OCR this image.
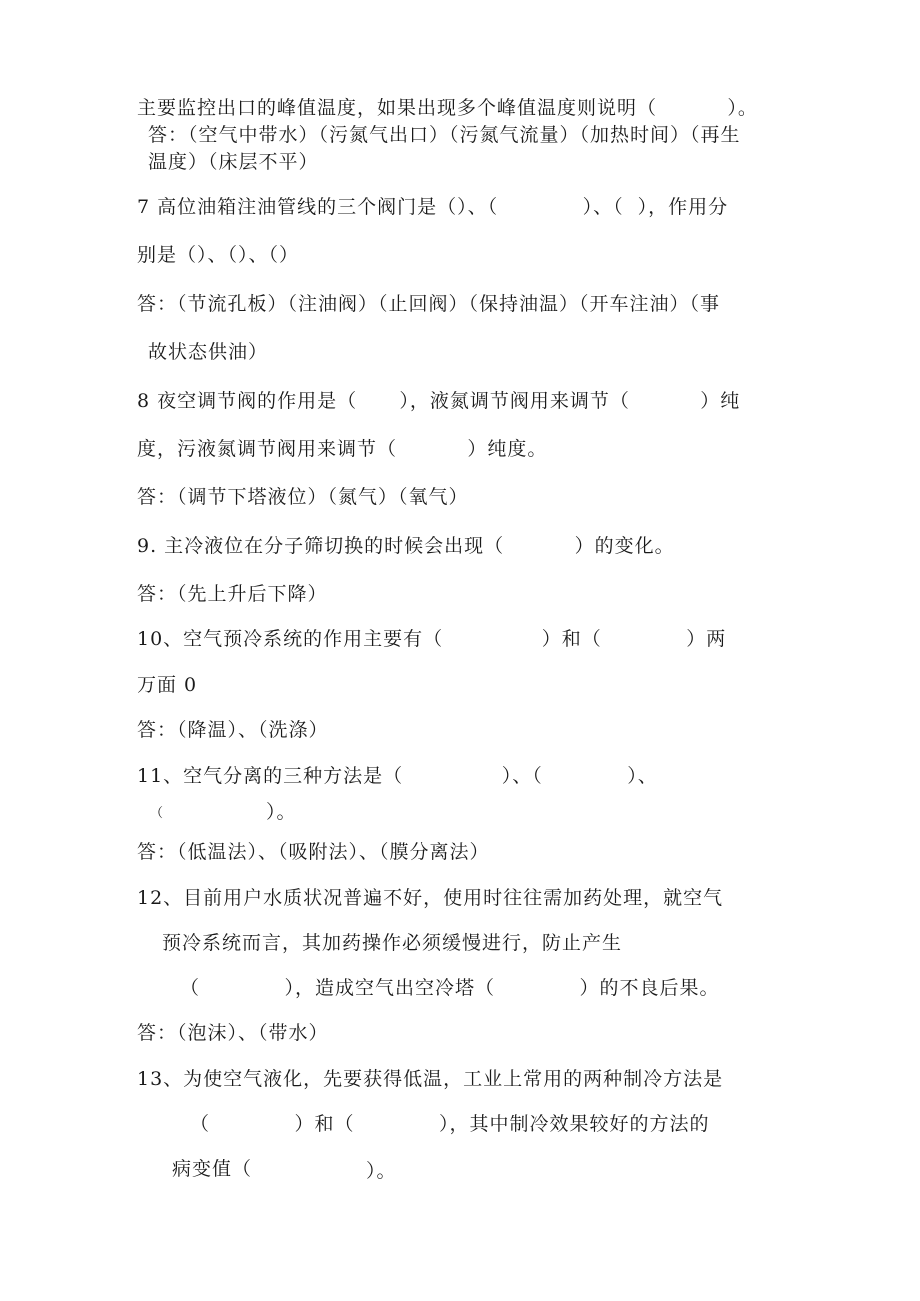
主要监控出口的峰值温度，如果出现多个峰值温度则说明（          ）。
答：（空气中带水）（污氮气出口）（污氮气流量）（加热时间）（再生
温度）（床层不平）
7 高位油箱注油管线的三个阀门是（）、（            ）、（  ），作用分
别是（）、（）、（）
答：（节流孔板）（注油阀）（止回阀）（保持油温）（开车注油）（事
故状态供油）
8 夜空调节阀的作用是（      ），液氮调节阀用来调节（          ）纯
度，污液氮调节阀用来调节（          ）纯度。
答：（调节下塔液位）（氮气）（氧气）
9. 主冷液位在分子筛切换的时候会出现（          ）的变化。
答：（先上升后下降）
10、空气预冷系统的作用主要有（              ）和（            ）两
万面 0
答：（降温）、（洗涤）
11、空气分离的三种方法是（              ）、（            ）、
（	）。
答：（低温法）、（吸附法）、（膜分离法）
12、目前用户水质状况普遍不好，使用时往往需加药处理，就空气
预冷系统而言，其加药操作必须缓慢进行，防止产生
（            ），造成空气出空冷塔（            ）的不良后果。
答：（泡沫）、（带水）
13、为使空气液化，先要获得低温，工业上常用的两种制冷方法是
（            ）和（            ），其中制冷效果较好的方法的
病变值（	）。
